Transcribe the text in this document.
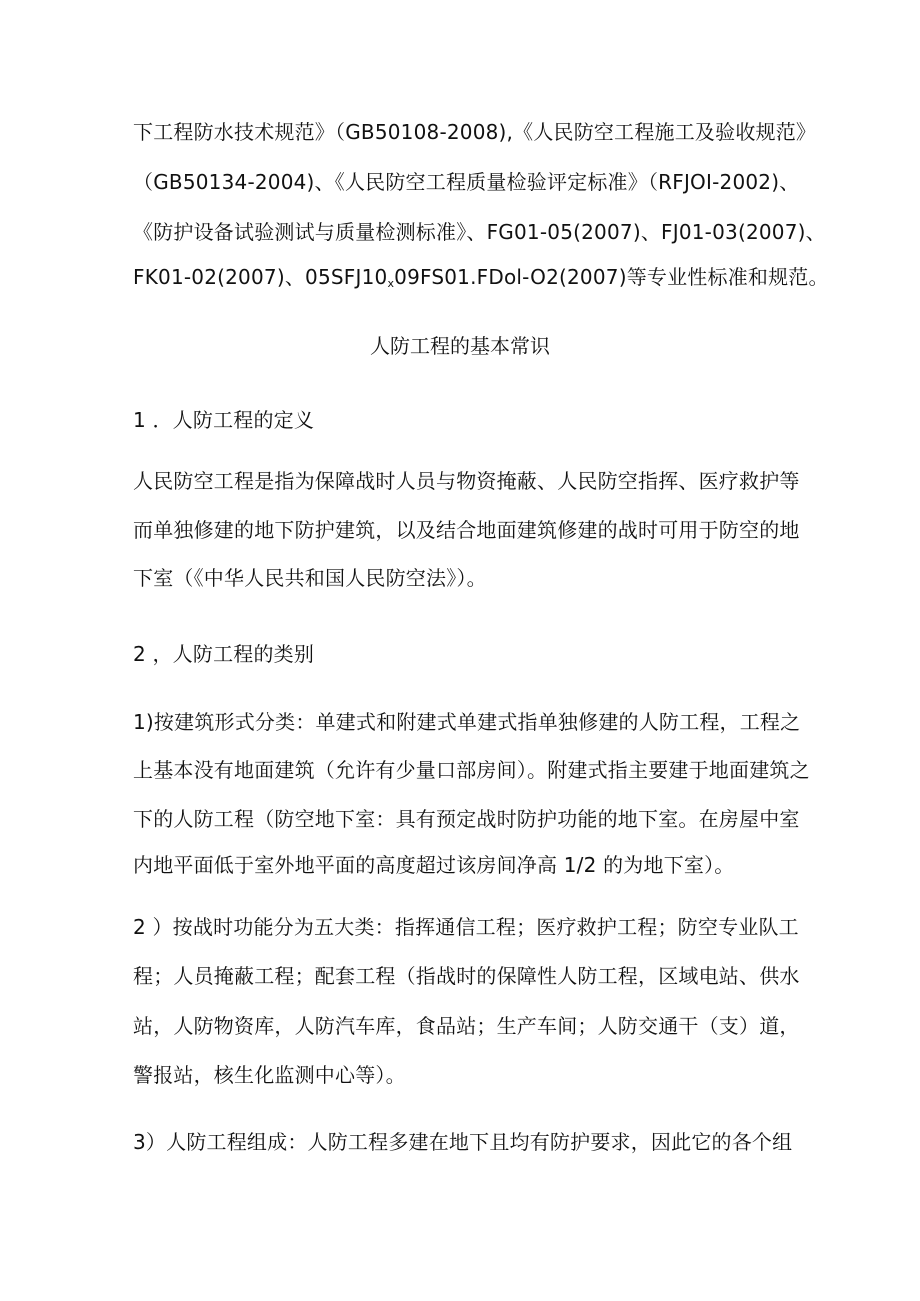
下工程防水技术规范》（GB50108-2008),《人民防空工程施工及验收规范》

（GB50134-2004)、《人民防空工程质量检验评定标准》（RFJOI-2002)、

《防护设备试验测试与质量检测标准》、FG01-05(2007)、FJ01-03(2007)、

FK01-02(2007)、$05SFJ10_x09FS01.FDol-O2(2007)$等专业性标准和规范。

人防工程的基本常识

1 ．人防工程的定义

人民防空工程是指为保障战时人员与物资掩蔽、人民防空指挥、医疗救护等

而单独修建的地下防护建筑，以及结合地面建筑修建的战时可用于防空的地

下室（《中华人民共和国人民防空法》）。

2 ，人防工程的类别

1)按建筑形式分类：单建式和附建式单建式指单独修建的人防工程，工程之

上基本没有地面建筑（允许有少量口部房间）。附建式指主要建于地面建筑之

下的人防工程（防空地下室：具有预定战时防护功能的地下室。在房屋中室

内地平面低于室外地平面的高度超过该房间净高 1/2 的为地下室）。

2 ）按战时功能分为五大类：指挥通信工程；医疗救护工程；防空专业队工

程；人员掩蔽工程；配套工程（指战时的保障性人防工程，区域电站、供水

站，人防物资库，人防汽车库，食品站；生产车间；人防交通干（支）道，

警报站，核生化监测中心等）。

3）人防工程组成：人防工程多建在地下且均有防护要求，因此它的各个组
